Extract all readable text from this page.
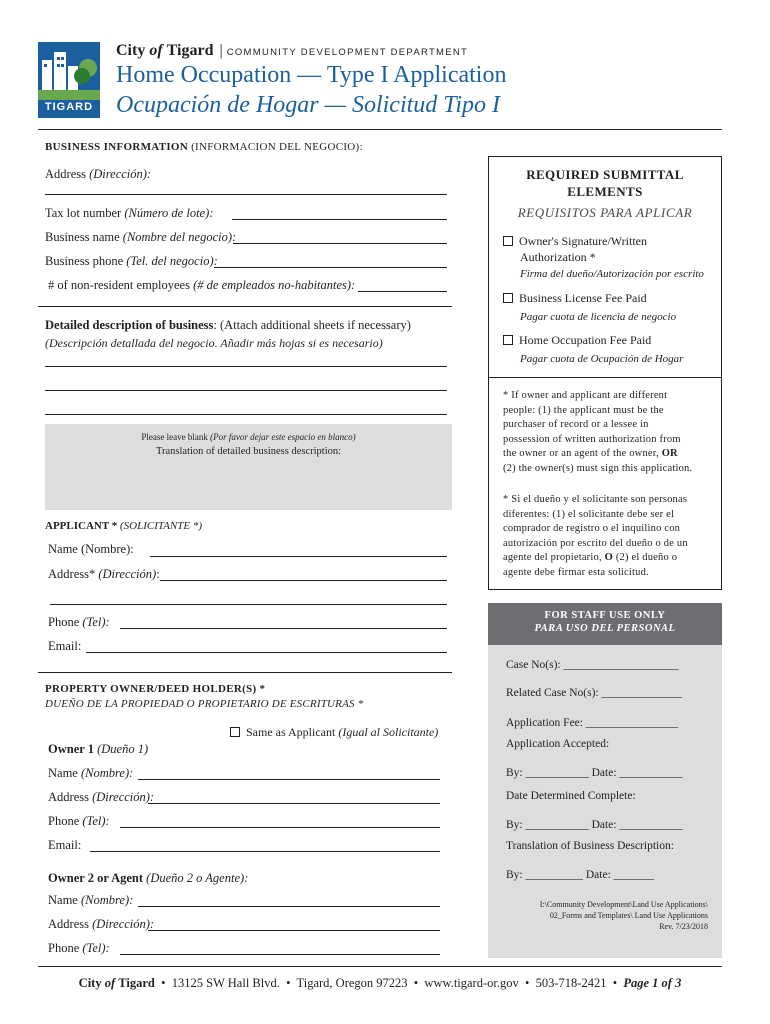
TIGARD
City of Tigard | COMMUNITY DEVELOPMENT DEPARTMENT
Home Occupation — Type I Application
Ocupación de Hogar — Solicitud Tipo I
BUSINESS INFORMATION (INFORMACION DEL NEGOCIO):
Address (Dirección):
Tax lot number (Número de lote):
Business name (Nombre del negocio):
Business phone (Tel. del negocio):
# of non-resident employees (# de empleados no-habitantes):
Detailed description of business: (Attach additional sheets if necessary)
(Descripción detallada del negocio. Añadir más hojas si es necesario)
Please leave blank (Por favor dejar este espacio en blanco)
Translation of detailed business description:
APPLICANT * (SOLICITANTE *)
Name (Nombre):
Address* (Dirección):
Phone (Tel):
Email:
PROPERTY OWNER/DEED HOLDER(S) *
DUEÑO DE LA PROPIEDAD O PROPIETARIO DE ESCRITURAS *
Same as Applicant (Igual al Solicitante)
Owner 1 (Dueño 1)
Name (Nombre):
Address (Dirección):
Phone (Tel):
Email:
Owner 2 or Agent (Dueño 2 o Agente):
Name (Nombre):
Address (Dirección):
Phone (Tel):
REQUIRED SUBMITTAL
ELEMENTS
REQUISITOS PARA APLICAR
Owner's Signature/Written
Authorization *
Firma del dueño/Autorización por escrito
Business License Fee Paid
Pagar cuota de licencia de negocio
Home Occupation Fee Paid
Pagar cuota de Ocupación de Hogar
* If owner and applicant are different
people: (1) the applicant must be the
purchaser of record or a lessee in
possession of written authorization from
the owner or an agent of the owner, OR
(2) the owner(s) must sign this application.
* Si el dueño y el solicitante son personas
diferentes: (1) el solicitante debe ser el
comprador de registro o el inquilino con
autorización por escrito del dueño o de un
agente del propietario, O (2) el dueño o
agente debe firmar esta solicitud.
FOR STAFF USE ONLY
PARA USO DEL PERSONAL
Case No(s): ____________________
Related Case No(s): ______________
Application Fee: ________________
Application Accepted:
By: ___________ Date: ___________
Date Determined Complete:
By: ___________ Date: ___________
Translation of Business Description:
By: __________ Date: _______
I:\Community Development\Land Use Applications\
02_Forms and Templates\ Land Use Applications
Rev. 7/23/2018
City of Tigard • 13125 SW Hall Blvd. • Tigard, Oregon 97223 • www.tigard-or.gov • 503-718-2421 • Page 1 of 3
